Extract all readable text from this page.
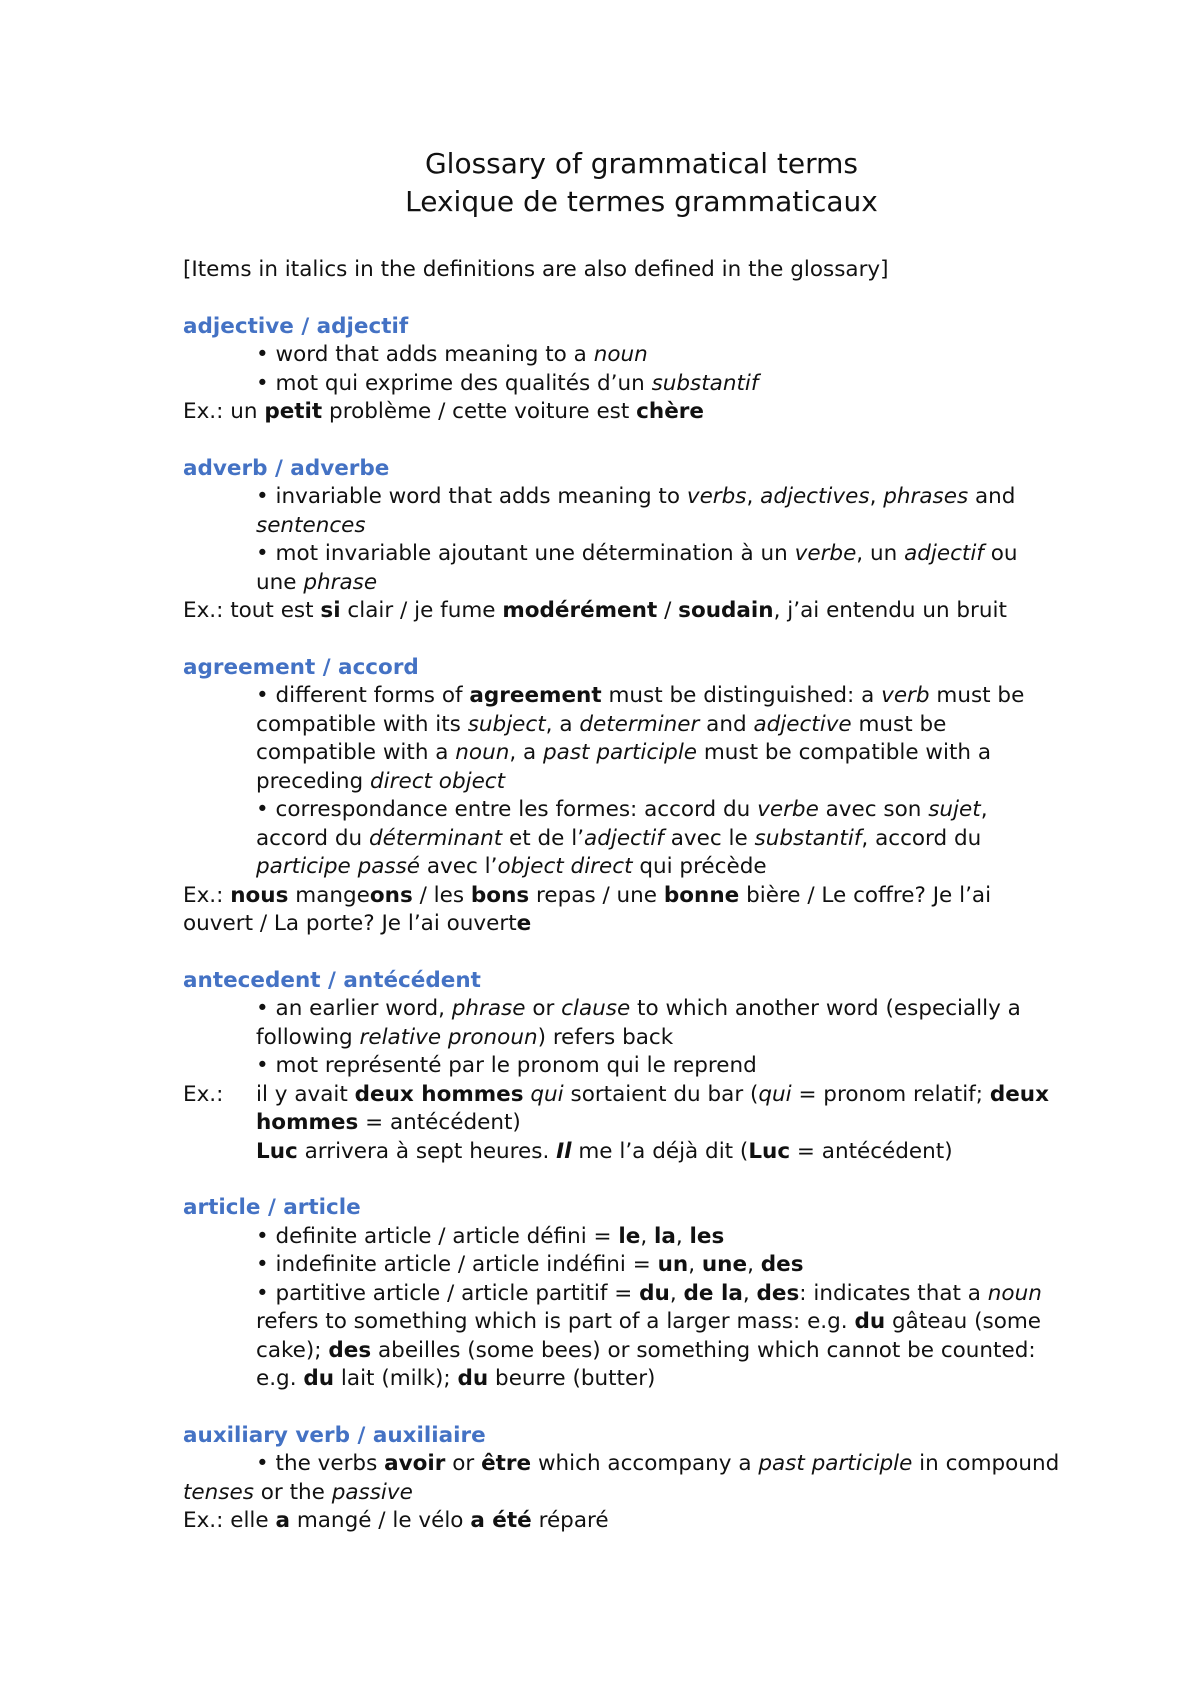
Glossary of grammatical terms
Lexique de termes grammaticaux
[Items in italics in the definitions are also defined in the glossary]
adjective / adjectif
• word that adds meaning to a noun
• mot qui exprime des qualités d’un substantif
Ex.: un petit problème / cette voiture est chère
adverb / adverbe
• invariable word that adds meaning to verbs, adjectives, phrases and sentences
• mot invariable ajoutant une détermination à un verbe, un adjectif ou une phrase
Ex.: tout est si clair / je fume modérément / soudain, j’ai entendu un bruit
agreement / accord
• different forms of agreement must be distinguished: a verb must be compatible with its subject, a determiner and adjective must be compatible with a noun, a past participle must be compatible with a preceding direct object
• correspondance entre les formes: accord du verbe avec son sujet, accord du déterminant et de l’adjectif avec le substantif, accord du participe passé avec l’object direct qui précède
Ex.: nous mangeons / les bons repas / une bonne bière / Le coffre? Je l’ai ouvert / La porte? Je l’ai ouverte
antecedent / antécédent
• an earlier word, phrase or clause to which another word (especially a following relative pronoun) refers back
• mot représenté par le pronom qui le reprend
Ex.:	il y avait deux hommes qui sortaient du bar (qui = pronom relatif; deux hommes = antécédent)
Luc arrivera à sept heures. Il me l’a déjà dit (Luc = antécédent)
article / article
• definite article / article défini = le, la, les
• indefinite article / article indéfini = un, une, des
• partitive article / article partitif = du, de la, des: indicates that a noun refers to something which is part of a larger mass: e.g. du gâteau (some cake); des abeilles (some bees) or something which cannot be counted: e.g. du lait (milk); du beurre (butter)
auxiliary verb / auxiliaire
• the verbs avoir or être which accompany a past participle in compound tenses or the passive
Ex.: elle a mangé / le vélo a été réparé
